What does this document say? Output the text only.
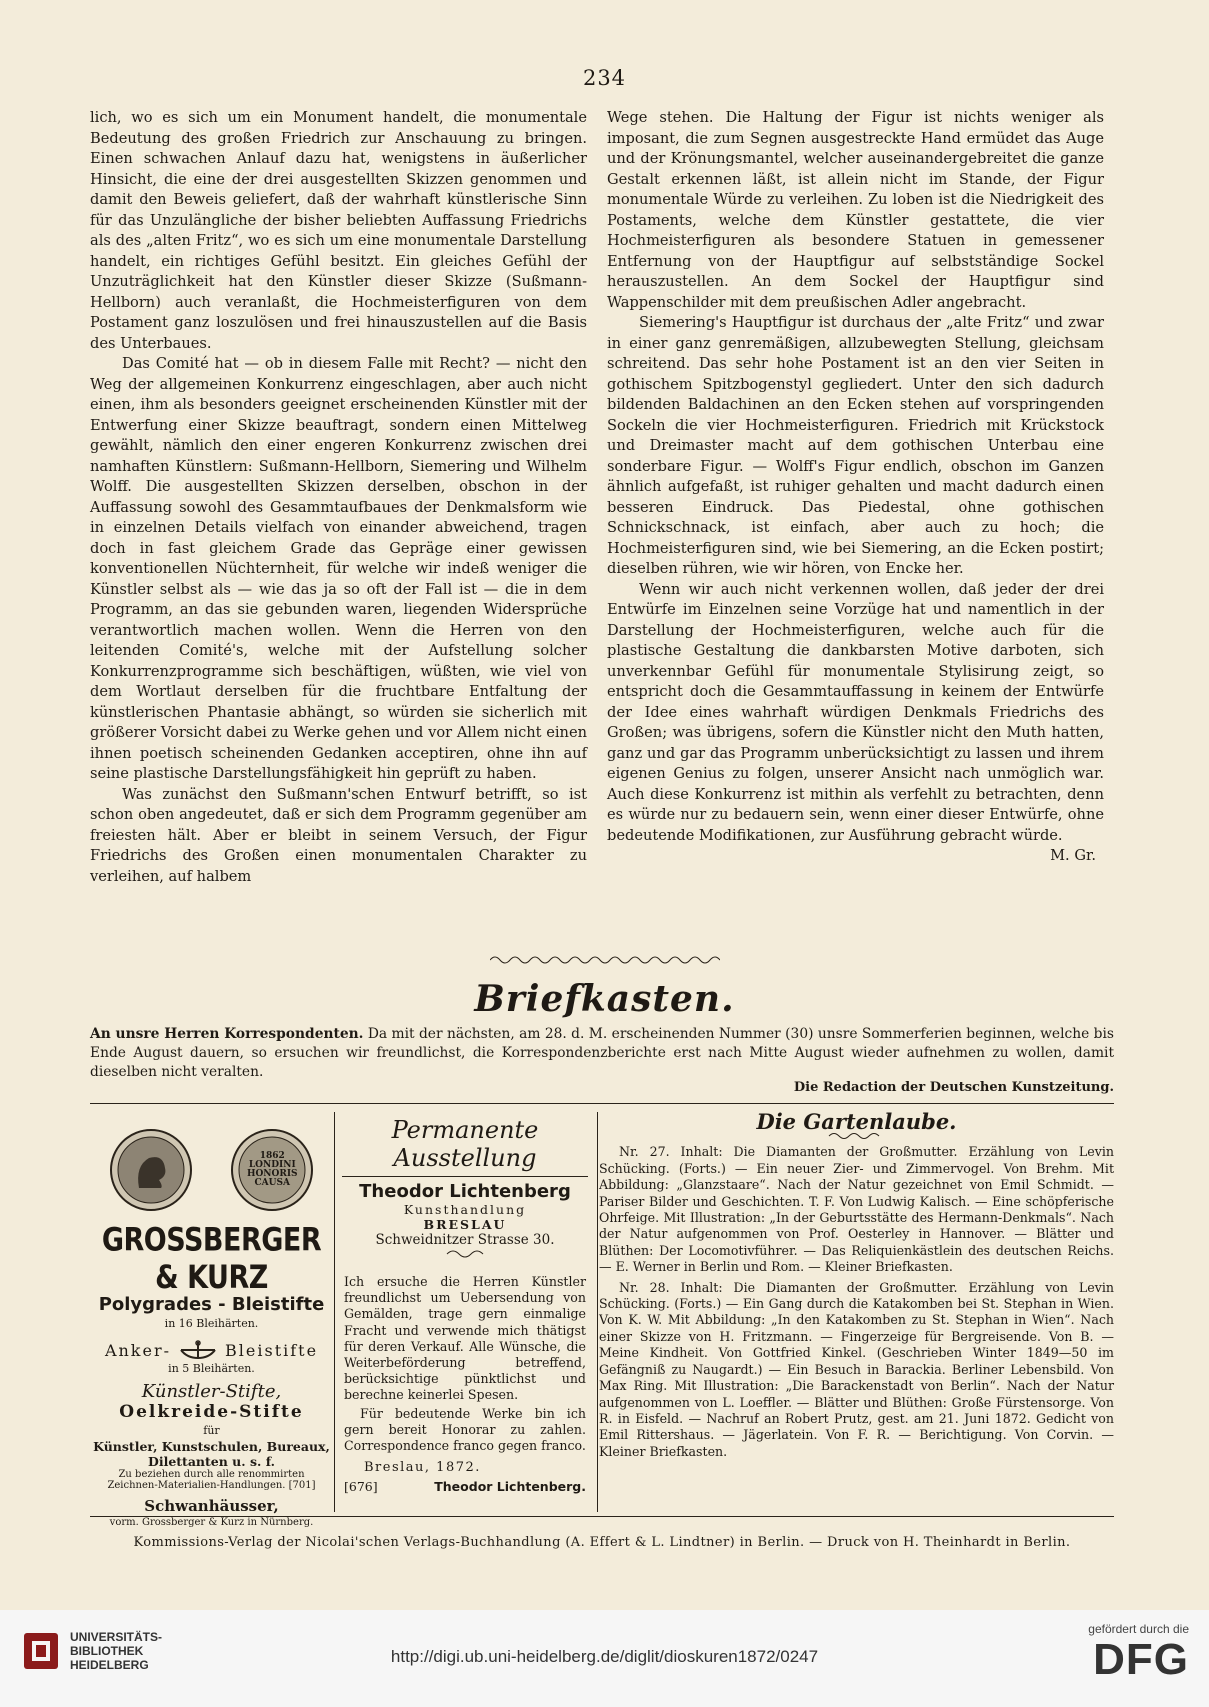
234

lich, wo es sich um ein Monument handelt, die monumentale Bedeutung des großen Friedrich zur Anschauung zu bringen. Einen schwachen Anlauf dazu hat, wenigstens in äußerlicher Hinsicht, die eine der drei ausgestellten Skizzen genommen und damit den Beweis geliefert, daß der wahrhaft künstlerische Sinn für das Unzulängliche der bisher beliebten Auffassung Friedrichs als des „alten Fritz“, wo es sich um eine monumentale Darstellung handelt, ein richtiges Gefühl besitzt. Ein gleiches Gefühl der Unzuträglichkeit hat den Künstler dieser Skizze (Sußmann-Hellborn) auch veranlaßt, die Hochmeisterfiguren von dem Postament ganz loszulösen und frei hinauszustellen auf die Basis des Unterbaues.

Das Comité hat — ob in diesem Falle mit Recht? — nicht den Weg der allgemeinen Konkurrenz eingeschlagen, aber auch nicht einen, ihm als besonders geeignet erscheinenden Künstler mit der Entwerfung einer Skizze beauftragt, sondern einen Mittelweg gewählt, nämlich den einer engeren Konkurrenz zwischen drei namhaften Künstlern: Sußmann-Hellborn, Siemering und Wilhelm Wolff. Die ausgestellten Skizzen derselben, obschon in der Auffassung sowohl des Gesammtaufbaues der Denkmalsform wie in einzelnen Details vielfach von einander abweichend, tragen doch in fast gleichem Grade das Gepräge einer gewissen konventionellen Nüchternheit, für welche wir indeß weniger die Künstler selbst als — wie das ja so oft der Fall ist — die in dem Programm, an das sie gebunden waren, liegenden Widersprüche verantwortlich machen wollen. Wenn die Herren von den leitenden Comité's, welche mit der Aufstellung solcher Konkurrenzprogramme sich beschäftigen, wüßten, wie viel von dem Wortlaut derselben für die fruchtbare Entfaltung der künstlerischen Phantasie abhängt, so würden sie sicherlich mit größerer Vorsicht dabei zu Werke gehen und vor Allem nicht einen ihnen poetisch scheinenden Gedanken acceptiren, ohne ihn auf seine plastische Darstellungsfähigkeit hin geprüft zu haben.

Was zunächst den Sußmann'schen Entwurf betrifft, so ist schon oben angedeutet, daß er sich dem Programm gegenüber am freiesten hält. Aber er bleibt in seinem Versuch, der Figur Friedrichs des Großen einen monumentalen Charakter zu verleihen, auf halbem

Wege stehen. Die Haltung der Figur ist nichts weniger als imposant, die zum Segnen ausgestreckte Hand ermüdet das Auge und der Krönungsmantel, welcher auseinandergebreitet die ganze Gestalt erkennen läßt, ist allein nicht im Stande, der Figur monumentale Würde zu verleihen. Zu loben ist die Niedrigkeit des Postaments, welche dem Künstler gestattete, die vier Hochmeisterfiguren als besondere Statuen in gemessener Entfernung von der Hauptfigur auf selbstständige Sockel herauszustellen. An dem Sockel der Hauptfigur sind Wappenschilder mit dem preußischen Adler angebracht.

Siemering's Hauptfigur ist durchaus der „alte Fritz“ und zwar in einer ganz genremäßigen, allzubewegten Stellung, gleichsam schreitend. Das sehr hohe Postament ist an den vier Seiten in gothischem Spitzbogenstyl gegliedert. Unter den sich dadurch bildenden Baldachinen an den Ecken stehen auf vorspringenden Sockeln die vier Hochmeisterfiguren. Friedrich mit Krückstock und Dreimaster macht auf dem gothischen Unterbau eine sonderbare Figur. — Wolff's Figur endlich, obschon im Ganzen ähnlich aufgefaßt, ist ruhiger gehalten und macht dadurch einen besseren Eindruck. Das Piedestal, ohne gothischen Schnickschnack, ist einfach, aber auch zu hoch; die Hochmeisterfiguren sind, wie bei Siemering, an die Ecken postirt; dieselben rühren, wie wir hören, von Encke her.

Wenn wir auch nicht verkennen wollen, daß jeder der drei Entwürfe im Einzelnen seine Vorzüge hat und namentlich in der Darstellung der Hochmeisterfiguren, welche auch für die plastische Gestaltung die dankbarsten Motive darboten, sich unverkennbar Gefühl für monumentale Stylisirung zeigt, so entspricht doch die Gesammtauffassung in keinem der Entwürfe der Idee eines wahrhaft würdigen Denkmals Friedrichs des Großen; was übrigens, sofern die Künstler nicht den Muth hatten, ganz und gar das Programm unberücksichtigt zu lassen und ihrem eigenen Genius zu folgen, unserer Ansicht nach unmöglich war. Auch diese Konkurrenz ist mithin als verfehlt zu betrachten, denn es würde nur zu bedauern sein, wenn einer dieser Entwürfe, ohne bedeutende Modifikationen, zur Ausführung gebracht würde.

M. Gr.

Briefkasten.
An unsre Herren Korrespondenten. Da mit der nächsten, am 28. d. M. erscheinenden Nummer (30) unsre Sommerferien beginnen, welche bis Ende August dauern, so ersuchen wir freundlichst, die Korrespondenzberichte erst nach Mitte August wieder aufnehmen zu wollen, damit dieselben nicht veralten.
Die Redaction der Deutschen Kunstzeitung.
1862 LONDINI HONORIS CAUSA
GROSSBERGER & KURZ
Polygrades - Bleistifte
in 16 Bleihärten.
Anker-	Bleistifte
in 5 Bleihärten.
Künstler-Stifte,
Oelkreide-Stifte
für
Künstler, Kunstschulen, Bureaux,
Dilettanten u. s. f.
Zu beziehen durch alle renommirten
Zeichnen-Materialien-Handlungen. [701]
Schwanhäusser,
vorm. Grossberger & Kurz in Nürnberg.
Permanente Ausstellung
Theodor Lichtenberg
Kunsthandlung
BRESLAU
Schweidnitzer Strasse 30.
Ich ersuche die Herren Künstler freundlichst um Uebersendung von Gemälden, trage gern einmalige Fracht und verwende mich thätigst für deren Verkauf. Alle Wünsche, die Weiterbeförderung betreffend, berücksichtige pünktlichst und berechne keinerlei Spesen.
Für bedeutende Werke bin ich gern bereit Honorar zu zahlen. Correspondence franco gegen franco.
Breslau, 1872.
[676]	Theodor Lichtenberg.
Die Gartenlaube.

Nr. 27. Inhalt: Die Diamanten der Großmutter. Erzählung von Levin Schücking. (Forts.) — Ein neuer Zier- und Zimmervogel. Von Brehm. Mit Abbildung: „Glanzstaare“. Nach der Natur gezeichnet von Emil Schmidt. — Pariser Bilder und Geschichten. T. F. Von Ludwig Kalisch. — Eine schöpferische Ohrfeige. Mit Illustration: „In der Geburtsstätte des Hermann-Denkmals“. Nach der Natur aufgenommen von Prof. Oesterley in Hannover. — Blätter und Blüthen: Der Locomotivführer. — Das Reliquienkästlein des deutschen Reichs. — E. Werner in Berlin und Rom. — Kleiner Briefkasten.

Nr. 28. Inhalt: Die Diamanten der Großmutter. Erzählung von Levin Schücking. (Forts.) — Ein Gang durch die Katakomben bei St. Stephan in Wien. Von K. W. Mit Abbildung: „In den Katakomben zu St. Stephan in Wien“. Nach einer Skizze von H. Fritzmann. — Fingerzeige für Bergreisende. Von B. — Meine Kindheit. Von Gottfried Kinkel. (Geschrieben Winter 1849—50 im Gefängniß zu Naugardt.) — Ein Besuch in Barackia. Berliner Lebensbild. Von Max Ring. Mit Illustration: „Die Barackenstadt von Berlin“. Nach der Natur aufgenommen von L. Loeffler. — Blätter und Blüthen: Große Fürstensorge. Von R. in Eisfeld. — Nachruf an Robert Prutz, gest. am 21. Juni 1872. Gedicht von Emil Rittershaus. — Jägerlatein. Von F. R. — Berichtigung. Von Corvin. — Kleiner Briefkasten.

Kommissions-Verlag der Nicolai'schen Verlags-Buchhandlung (A. Effert & L. Lindtner) in Berlin. — Druck von H. Theinhardt in Berlin.
UNIVERSITÄTS-
BIBLIOTHEK
HEIDELBERG	http://digi.ub.uni-heidelberg.de/diglit/dioskuren1872/0247
gefördert durch die
DFG
